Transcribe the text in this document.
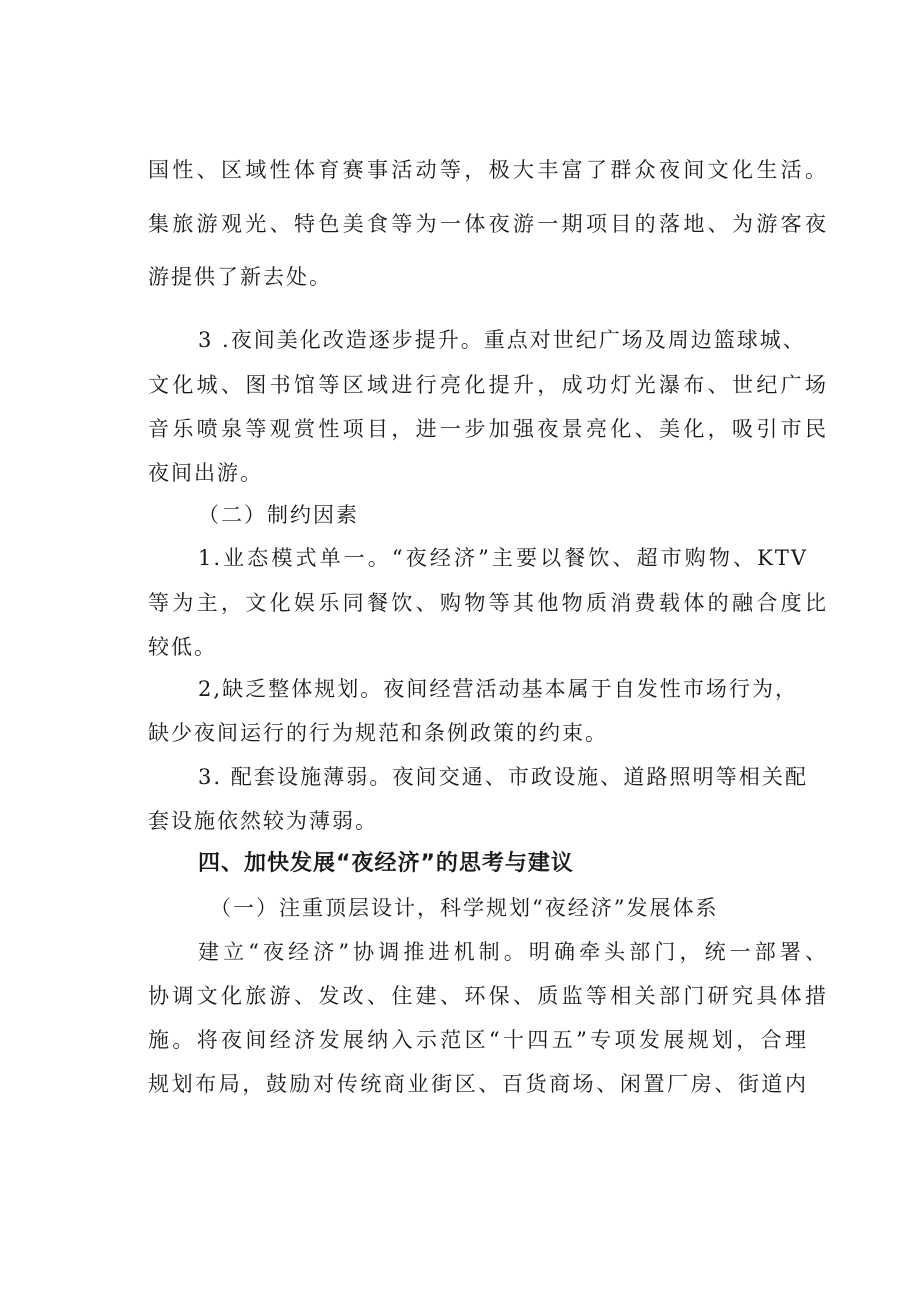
国性、区域性体育赛事活动等，极大丰富了群众夜间文化生活。
集旅游观光、特色美食等为一体夜游一期项目的落地、为游客夜
游提供了新去处。
3 .夜间美化改造逐步提升。重点对世纪广场及周边篮球城、
文化城、图书馆等区域进行亮化提升，成功灯光瀑布、世纪广场
音乐喷泉等观赏性项目，进一步加强夜景亮化、美化，吸引市民
夜间出游。
（二）制约因素
1.业态模式单一。“夜经济”主要以餐饮、超市购物、KTV
等为主，文化娱乐同餐饮、购物等其他物质消费载体的融合度比
较低。
2,缺乏整体规划。夜间经营活动基本属于自发性市场行为，
缺少夜间运行的行为规范和条例政策的约束。
3. 配套设施薄弱。夜间交通、市政设施、道路照明等相关配
套设施依然较为薄弱。
四、加快发展“夜经济”的思考与建议
（一）注重顶层设计，科学规划“夜经济”发展体系
建立“夜经济”协调推进机制。明确牵头部门，统一部署、
协调文化旅游、发改、住建、环保、质监等相关部门研究具体措
施。将夜间经济发展纳入示范区“十四五”专项发展规划，合理
规划布局，鼓励对传统商业街区、百货商场、闲置厂房、街道内
